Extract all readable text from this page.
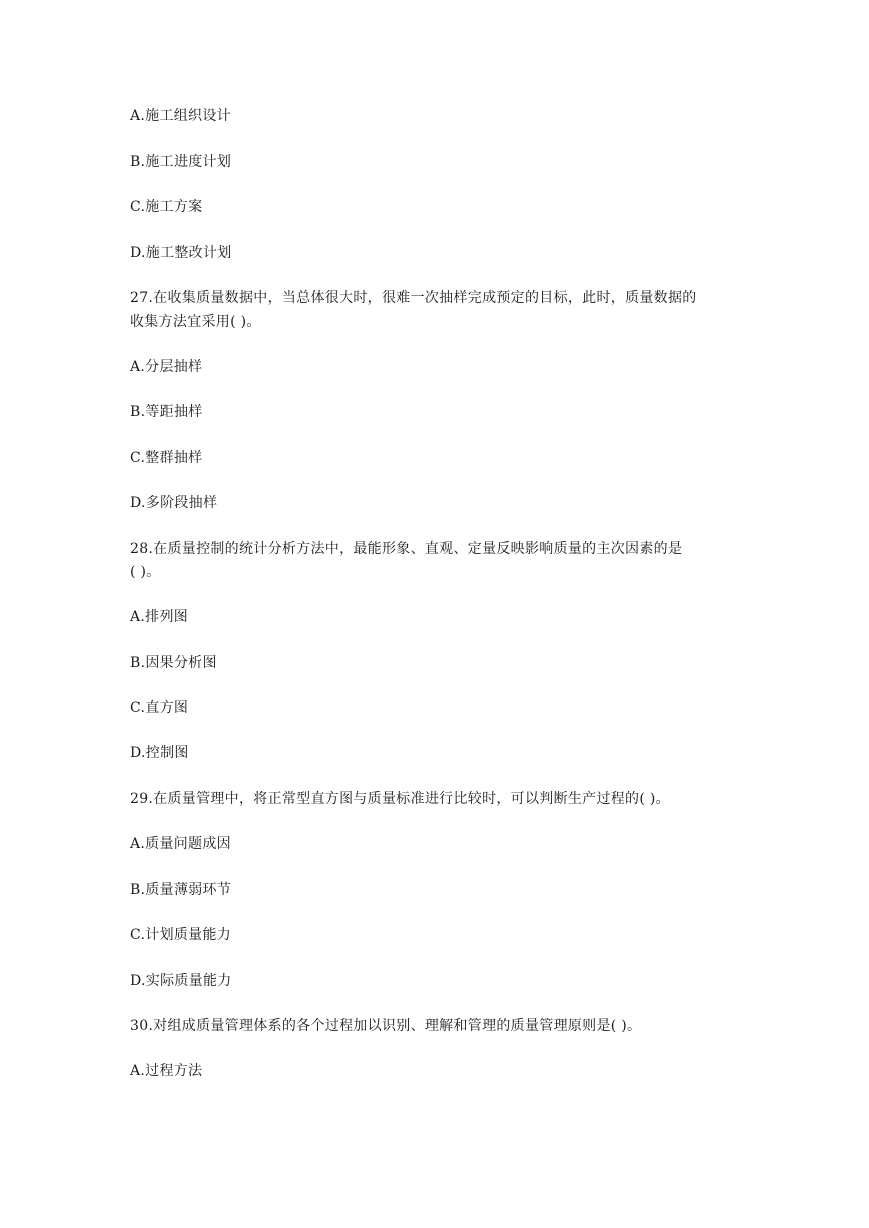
A.施工组织设计
B.施工进度计划
C.施工方案
D.施工整改计划
27.在收集质量数据中，当总体很大时，很难一次抽样完成预定的目标，此时，质量数据的
收集方法宜采用( )。
A.分层抽样
B.等距抽样
C.整群抽样
D.多阶段抽样
28.在质量控制的统计分析方法中，最能形象、直观、定量反映影响质量的主次因素的是
( )。
A.排列图
B.因果分析图
C.直方图
D.控制图
29.在质量管理中，将正常型直方图与质量标准进行比较时，可以判断生产过程的( )。
A.质量问题成因
B.质量薄弱环节
C.计划质量能力
D.实际质量能力
30.对组成质量管理体系的各个过程加以识别、理解和管理的质量管理原则是( )。
A.过程方法
